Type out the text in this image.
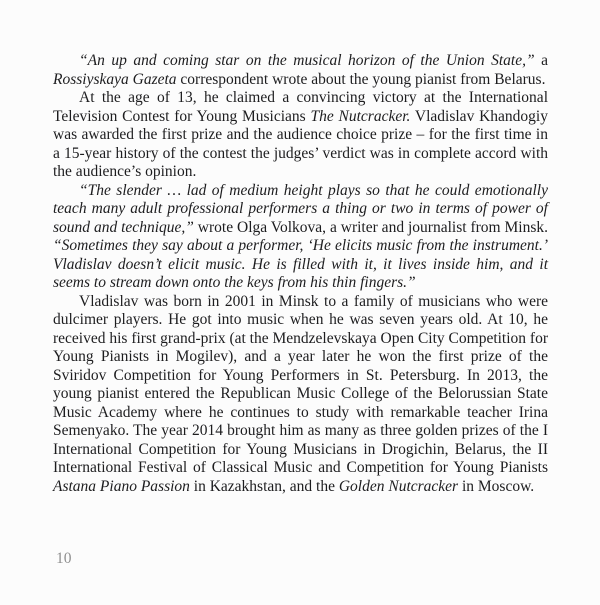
“An up and coming star on the musical horizon of the Union State,” a Rossiyskaya Gazeta correspondent wrote about the young pianist from Belarus.

At the age of 13, he claimed a convincing victory at the International Television Contest for Young Musicians The Nutcracker. Vladislav Khandogiy was awarded the first prize and the audience choice prize – for the first time in a 15-year history of the contest the judges’ verdict was in complete accord with the audience’s opinion.

“The slender … lad of medium height plays so that he could emotionally teach many adult professional performers a thing or two in terms of power of sound and technique,” wrote Olga Volkova, a writer and journalist from Minsk. “Sometimes they say about a performer, ‘He elicits music from the instrument.’ Vladislav doesn’t elicit music. He is filled with it, it lives inside him, and it seems to stream down onto the keys from his thin fingers.”

Vladislav was born in 2001 in Minsk to a family of musicians who were dulcimer players. He got into music when he was seven years old. At 10, he received his first grand-prix (at the Mendzelevskaya Open City Competition for Young Pianists in Mogilev), and a year later he won the first prize of the Sviridov Competition for Young Performers in St. Petersburg. In 2013, the young pianist entered the Republican Music College of the Belorussian State Music Academy where he continues to study with remarkable teacher Irina Semenyako. The year 2014 brought him as many as three golden prizes of the I International Competition for Young Musicians in Drogichin, Belarus, the II International Festival of Classical Music and Competition for Young Pianists Astana Piano Passion in Kazakhstan, and the Golden Nutcracker in Moscow.

10
